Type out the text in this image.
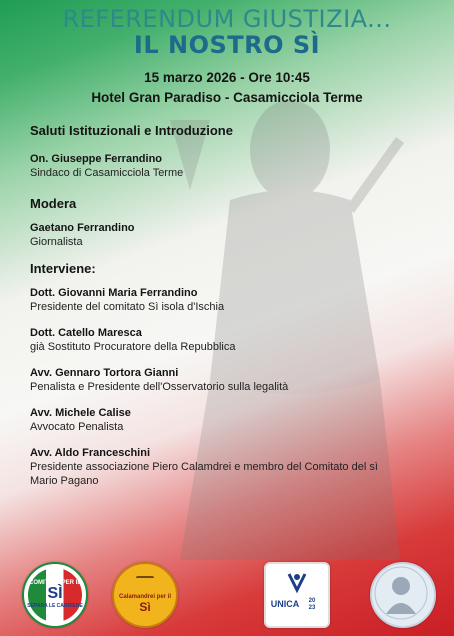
REFERENDUM GIUSTIZIA...
IL NOSTRO SÌ
15 marzo 2026 - Ore 10:45
Hotel Gran Paradiso - Casamicciola Terme
Saluti Istituzionali e Introduzione
On. Giuseppe Ferrandino
Sindaco di Casamicciola Terme
Modera
Gaetano Ferrandino
Giornalista
Interviene:
Dott. Giovanni Maria Ferrandino
Presidente del comitato Sì isola d'Ischia
Dott. Catello Maresca
già Sostituto Procuratore della Repubblica
Avv. Gennaro Tortora Gianni
Penalista e Presidente dell'Osservatorio sulla legalità
Avv. Michele Calise
Avvocato Penalista
Avv. Aldo Franceschini
Presidente associazione Piero Calamdrei e membro del Comitato del sì
Mario Pagano
COMITATO PER IL
SÌ
SEPARA LE CARRIERE
Calamandrei per il
Sì	UNICA	20
23
